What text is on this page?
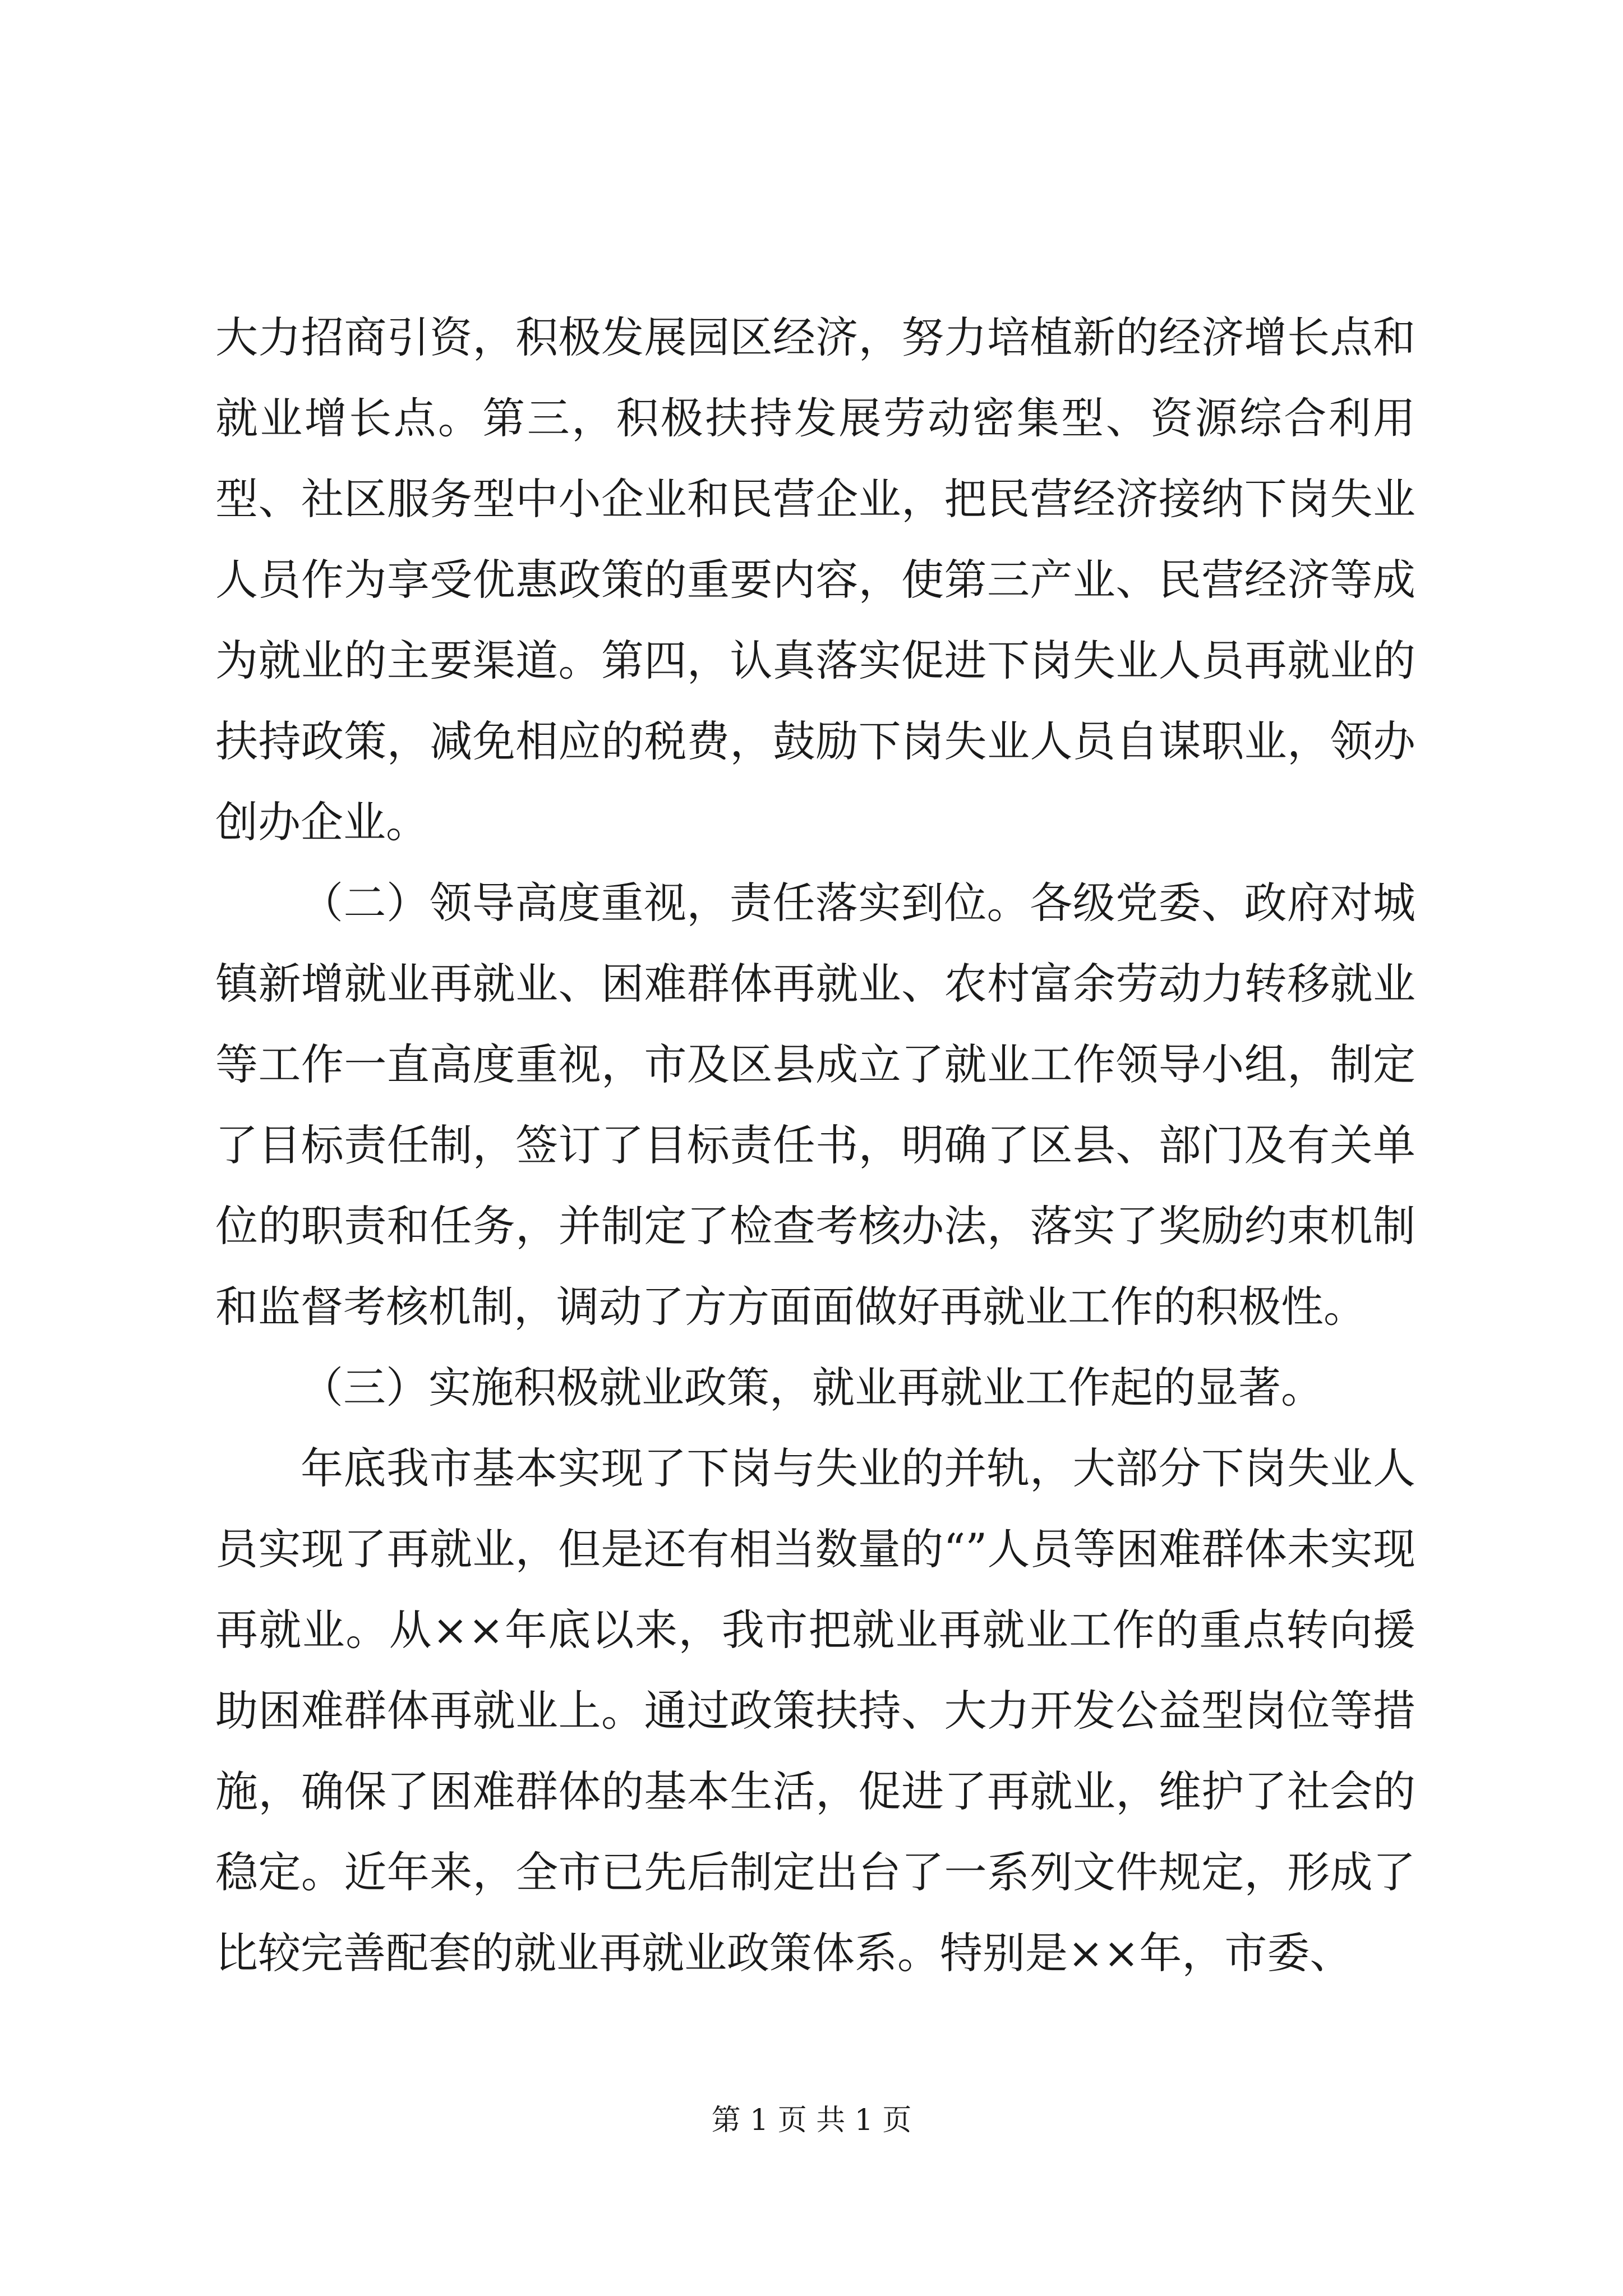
大力招商引资，积极发展园区经济，努力培植新的经济增长点和就业增长点。第三，积极扶持发展劳动密集型、资源综合利用型、社区服务型中小企业和民营企业，把民营经济接纳下岗失业人员作为享受优惠政策的重要内容，使第三产业、民营经济等成为就业的主要渠道。第四，认真落实促进下岗失业人员再就业的扶持政策，减免相应的税费，鼓励下岗失业人员自谋职业，领办创办企业。

（二）领导高度重视，责任落实到位。各级党委、政府对城镇新增就业再就业、困难群体再就业、农村富余劳动力转移就业等工作一直高度重视，市及区县成立了就业工作领导小组，制定了目标责任制，签订了目标责任书，明确了区县、部门及有关单位的职责和任务，并制定了检查考核办法，落实了奖励约束机制和监督考核机制，调动了方方面面做好再就业工作的积极性。

（三）实施积极就业政策，就业再就业工作起的显著。

年底我市基本实现了下岗与失业的并轨，大部分下岗失业人员实现了再就业，但是还有相当数量的“”人员等困难群体未实现再就业。从××年底以来，我市把就业再就业工作的重点转向援助困难群体再就业上。通过政策扶持、大力开发公益型岗位等措施，确保了困难群体的基本生活，促进了再就业，维护了社会的稳定。近年来，全市已先后制定出台了一系列文件规定，形成了比较完善配套的就业再就业政策体系。特别是××年，市委、

第 1 页 共 1 页
